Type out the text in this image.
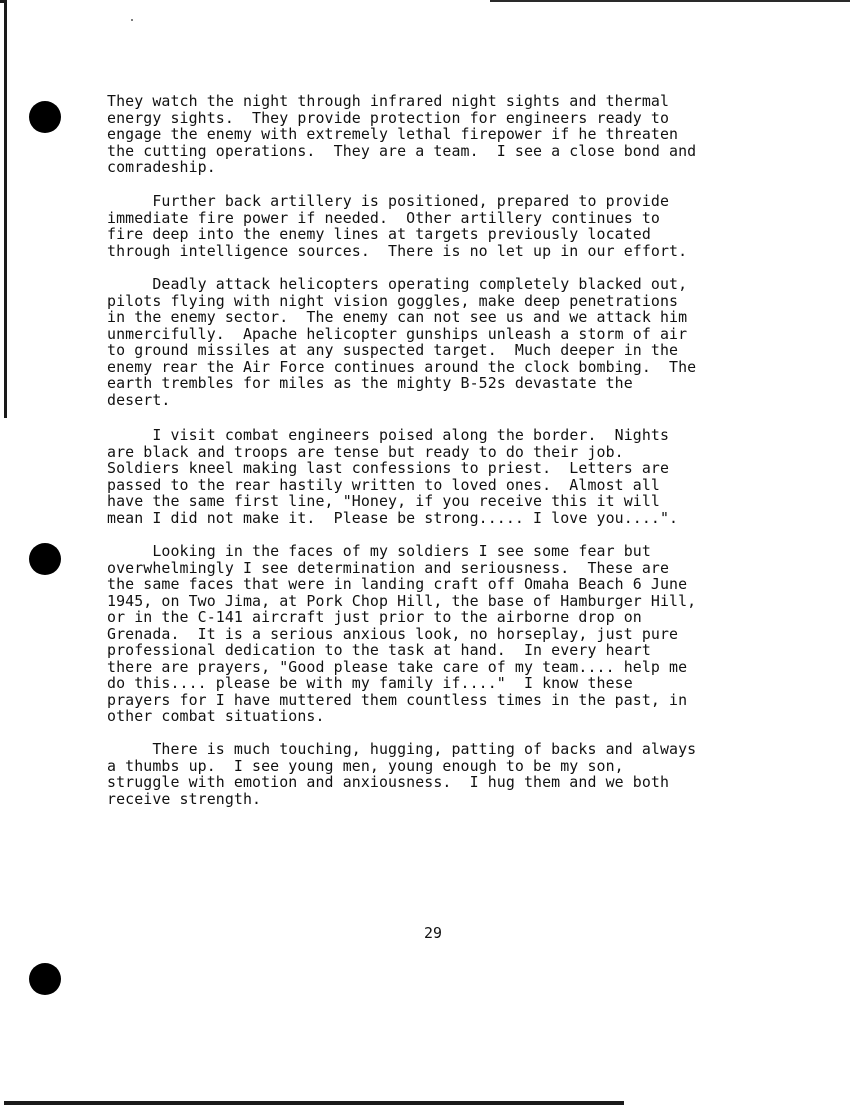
They watch the night through infrared night sights and thermal
energy sights.  They provide protection for engineers ready to
engage the enemy with extremely lethal firepower if he threaten
the cutting operations.  They are a team.  I see a close bond and
comradeship.

Further back artillery is positioned, prepared to provide
immediate fire power if needed.  Other artillery continues to
fire deep into the enemy lines at targets previously located
through intelligence sources.  There is no let up in our effort.

Deadly attack helicopters operating completely blacked out,
pilots flying with night vision goggles, make deep penetrations
in the enemy sector.  The enemy can not see us and we attack him
unmercifully.  Apache helicopter gunships unleash a storm of air
to ground missiles at any suspected target.  Much deeper in the
enemy rear the Air Force continues around the clock bombing.  The
earth trembles for miles as the mighty B-52s devastate the
desert.

I visit combat engineers poised along the border.  Nights
are black and troops are tense but ready to do their job.
Soldiers kneel making last confessions to priest.  Letters are
passed to the rear hastily written to loved ones.  Almost all
have the same first line, "Honey, if you receive this it will
mean I did not make it.  Please be strong..... I love you....".

Looking in the faces of my soldiers I see some fear but
overwhelmingly I see determination and seriousness.  These are
the same faces that were in landing craft off Omaha Beach 6 June
1945, on Two Jima, at Pork Chop Hill, the base of Hamburger Hill,
or in the C-141 aircraft just prior to the airborne drop on
Grenada.  It is a serious anxious look, no horseplay, just pure
professional dedication to the task at hand.  In every heart
there are prayers, "Good please take care of my team.... help me
do this.... please be with my family if...."  I know these
prayers for I have muttered them countless times in the past, in
other combat situations.

There is much touching, hugging, patting of backs and always
a thumbs up.  I see young men, young enough to be my son,
struggle with emotion and anxiousness.  I hug them and we both
receive strength.

29
